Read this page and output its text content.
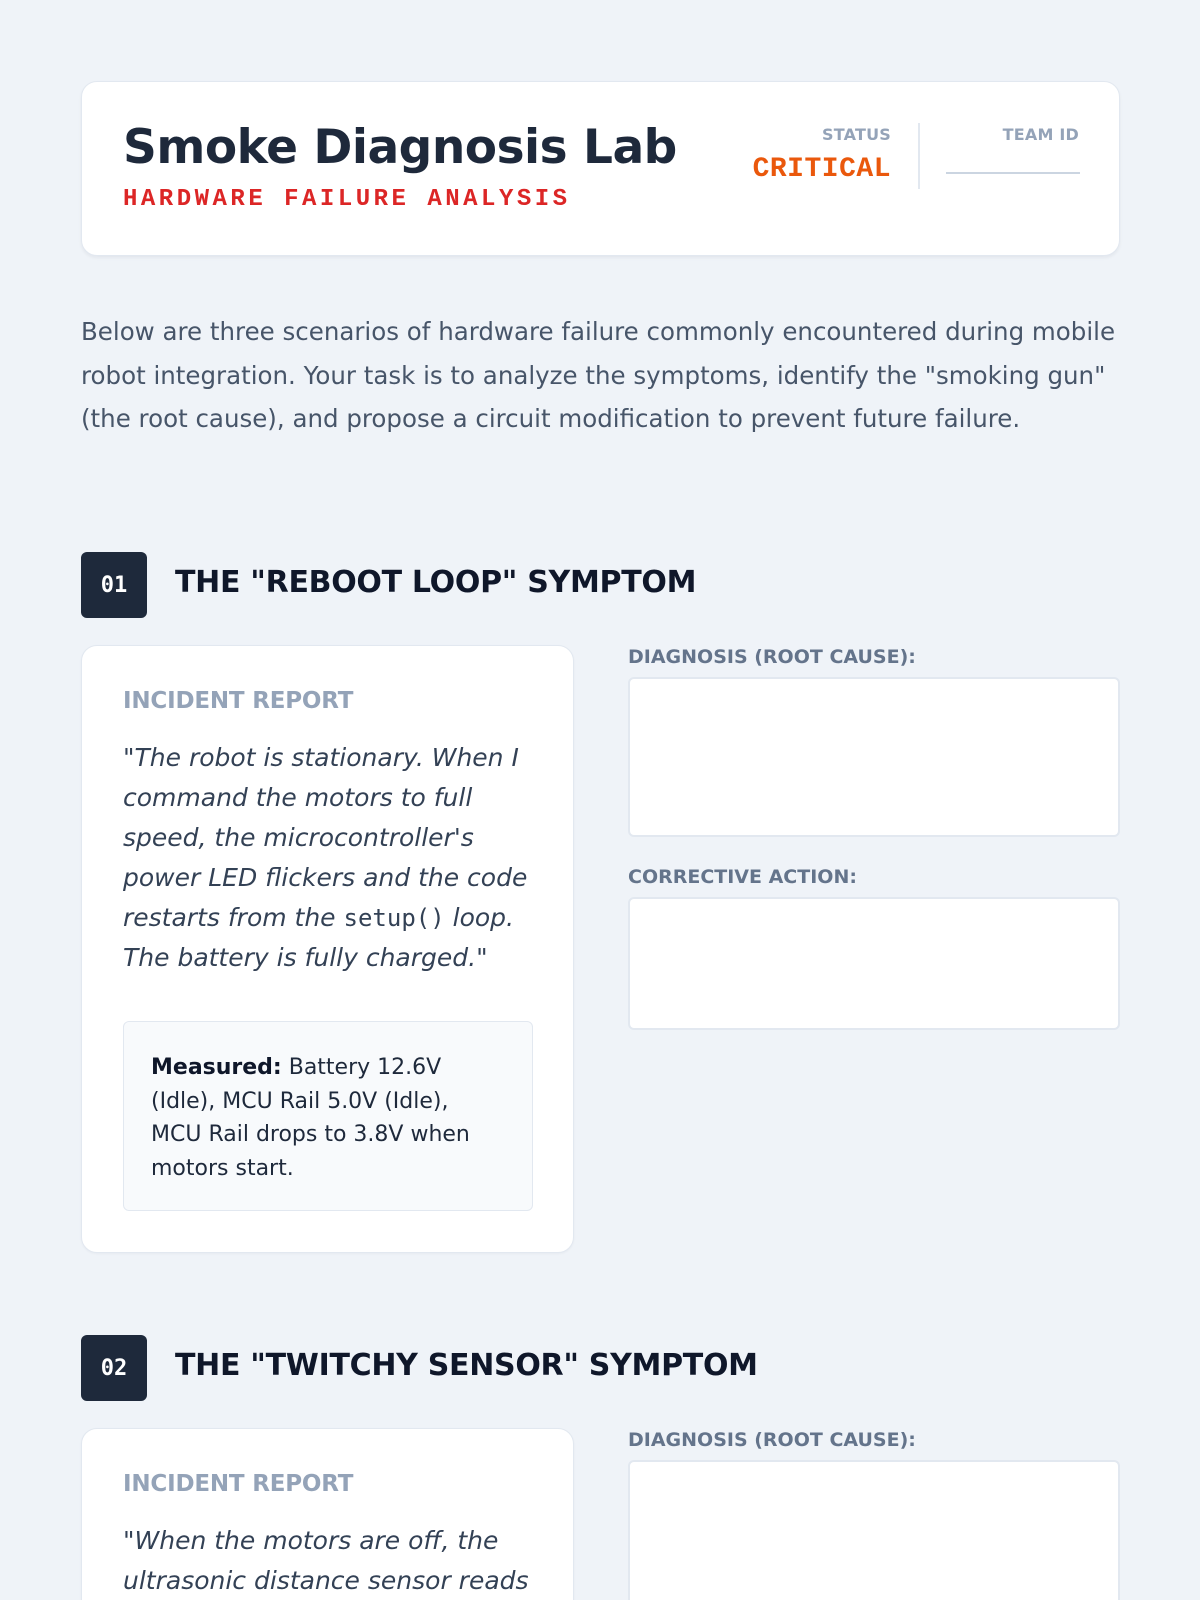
Smoke Diagnosis Lab
HARDWARE FAILURE ANALYSIS
STATUS
CRITICAL
TEAM ID

Below are three scenarios of hardware failure commonly encountered during mobile robot integration. Your task is to analyze the symptoms, identify the "smoking gun" (the root cause), and propose a circuit modification to prevent future failure.

01	THE "REBOOT LOOP" SYMPTOM
INCIDENT REPORT
"The robot is stationary. When I command the motors to full speed, the microcontroller's power LED flickers and the code restarts from the setup() loop. The battery is fully charged."
Measured: Battery 12.6V (Idle), MCU Rail 5.0V (Idle), MCU Rail drops to 3.8V when motors start.
DIAGNOSIS (ROOT CAUSE):
CORRECTIVE ACTION:
02	THE "TWITCHY SENSOR" SYMPTOM
INCIDENT REPORT
"When the motors are off, the ultrasonic distance sensor reads
DIAGNOSIS (ROOT CAUSE):
